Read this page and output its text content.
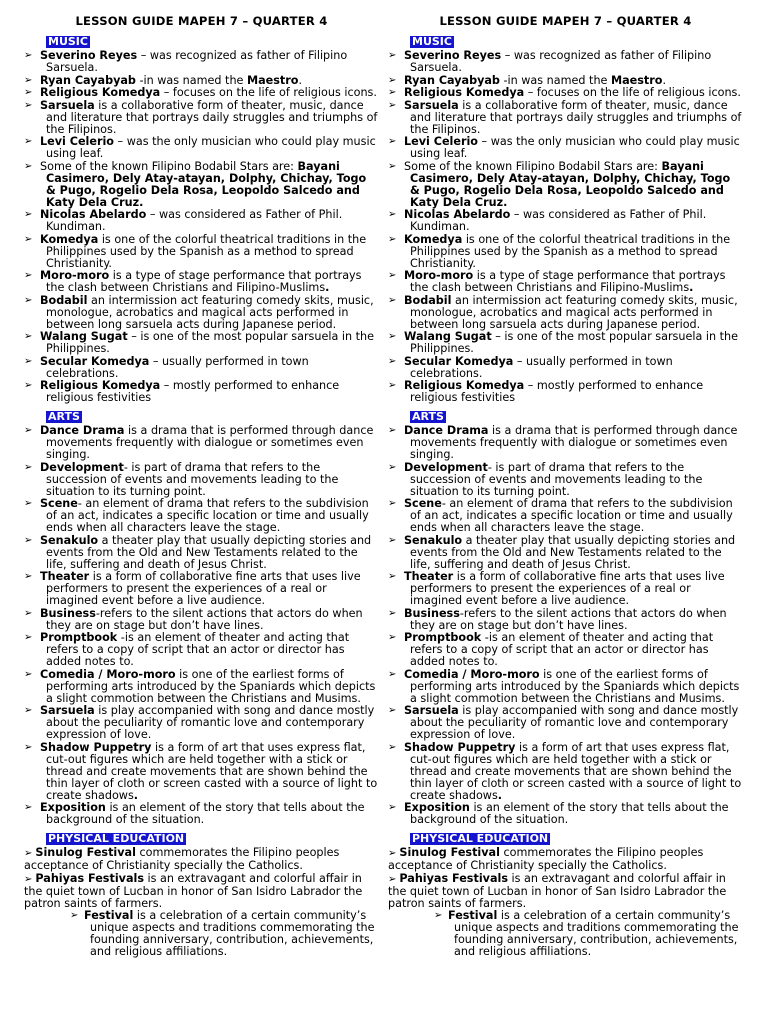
LESSON GUIDE MAPEH 7 – QUARTER 4
MUSIC
➢ Severino Reyes – was recognized as father of Filipino Sarsuela.
➢ Ryan Cayabyab -in was named the Maestro.
➢ Religious Komedya – focuses on the life of religious icons.
➢ Sarsuela is a collaborative form of theater, music, dance and literature that portrays daily struggles and triumphs of the Filipinos.
➢ Levi Celerio – was the only musician who could play music using leaf.
➢ Some of the known Filipino Bodabil Stars are: Bayani Casimero, Dely Atay-atayan, Dolphy, Chichay, Togo & Pugo, Rogelio Dela Rosa, Leopoldo Salcedo and Katy Dela Cruz.
➢ Nicolas Abelardo – was considered as Father of Phil. Kundiman.
➢ Komedya is one of the colorful theatrical traditions in the Philippines used by the Spanish as a method to spread Christianity.
➢ Moro-moro is a type of stage performance that portrays the clash between Christians and Filipino-Muslims.
➢ Bodabil an intermission act featuring comedy skits, music, monologue, acrobatics and magical acts performed in between long sarsuela acts during Japanese period.
➢ Walang Sugat – is one of the most popular sarsuela in the Philippines.
➢ Secular Komedya – usually performed in town celebrations.
➢ Religious Komedya – mostly performed to enhance religious festivities
ARTS
➢ Dance Drama is a drama that is performed through dance movements frequently with dialogue or sometimes even singing.
➢ Development- is part of drama that refers to the succession of events and movements leading to the situation to its turning point.
➢ Scene- an element of drama that refers to the subdivision of an act, indicates a specific location or time and usually ends when all characters leave the stage.
➢ Senakulo a theater play that usually depicting stories and events from the Old and New Testaments related to the life, suffering and death of Jesus Christ.
➢ Theater is a form of collaborative fine arts that uses live performers to present the experiences of a real or imagined event before a live audience.
➢ Business-refers to the silent actions that actors do when they are on stage but don’t have lines.
➢ Promptbook -is an element of theater and acting that refers to a copy of script that an actor or director has added notes to.
➢ Comedia / Moro-moro is one of the earliest forms of performing arts introduced by the Spaniards which depicts a slight commotion between the Christians and Musims.
➢ Sarsuela is play accompanied with song and dance mostly about the peculiarity of romantic love and contemporary expression of love.
➢ Shadow Puppetry is a form of art that uses express flat, cut-out figures which are held together with a stick or thread and create movements that are shown behind the thin layer of cloth or screen casted with a source of light to create shadows.
➢ Exposition is an element of the story that tells about the background of the situation.
PHYSICAL EDUCATION
➢ Sinulog Festival commemorates the Filipino peoples acceptance of Christianity specially the Catholics.
➢ Pahiyas Festivals is an extravagant and colorful affair in the quiet town of Lucban in honor of San Isidro Labrador the patron saints of farmers.
➢ Festival is a celebration of a certain community’s unique aspects and traditions commemorating the founding anniversary, contribution, achievements, and religious affiliations.
LESSON GUIDE MAPEH 7 – QUARTER 4
MUSIC
➢ Severino Reyes – was recognized as father of Filipino Sarsuela.
➢ Ryan Cayabyab -in was named the Maestro.
➢ Religious Komedya – focuses on the life of religious icons.
➢ Sarsuela is a collaborative form of theater, music, dance and literature that portrays daily struggles and triumphs of the Filipinos.
➢ Levi Celerio – was the only musician who could play music using leaf.
➢ Some of the known Filipino Bodabil Stars are: Bayani Casimero, Dely Atay-atayan, Dolphy, Chichay, Togo & Pugo, Rogelio Dela Rosa, Leopoldo Salcedo and Katy Dela Cruz.
➢ Nicolas Abelardo – was considered as Father of Phil. Kundiman.
➢ Komedya is one of the colorful theatrical traditions in the Philippines used by the Spanish as a method to spread Christianity.
➢ Moro-moro is a type of stage performance that portrays the clash between Christians and Filipino-Muslims.
➢ Bodabil an intermission act featuring comedy skits, music, monologue, acrobatics and magical acts performed in between long sarsuela acts during Japanese period.
➢ Walang Sugat – is one of the most popular sarsuela in the Philippines.
➢ Secular Komedya – usually performed in town celebrations.
➢ Religious Komedya – mostly performed to enhance religious festivities
ARTS
➢ Dance Drama is a drama that is performed through dance movements frequently with dialogue or sometimes even singing.
➢ Development- is part of drama that refers to the succession of events and movements leading to the situation to its turning point.
➢ Scene- an element of drama that refers to the subdivision of an act, indicates a specific location or time and usually ends when all characters leave the stage.
➢ Senakulo a theater play that usually depicting stories and events from the Old and New Testaments related to the life, suffering and death of Jesus Christ.
➢ Theater is a form of collaborative fine arts that uses live performers to present the experiences of a real or imagined event before a live audience.
➢ Business-refers to the silent actions that actors do when they are on stage but don’t have lines.
➢ Promptbook -is an element of theater and acting that refers to a copy of script that an actor or director has added notes to.
➢ Comedia / Moro-moro is one of the earliest forms of performing arts introduced by the Spaniards which depicts a slight commotion between the Christians and Musims.
➢ Sarsuela is play accompanied with song and dance mostly about the peculiarity of romantic love and contemporary expression of love.
➢ Shadow Puppetry is a form of art that uses express flat, cut-out figures which are held together with a stick or thread and create movements that are shown behind the thin layer of cloth or screen casted with a source of light to create shadows.
➢ Exposition is an element of the story that tells about the background of the situation.
PHYSICAL EDUCATION
➢ Sinulog Festival commemorates the Filipino peoples acceptance of Christianity specially the Catholics.
➢ Pahiyas Festivals is an extravagant and colorful affair in the quiet town of Lucban in honor of San Isidro Labrador the patron saints of farmers.
➢ Festival is a celebration of a certain community’s unique aspects and traditions commemorating the founding anniversary, contribution, achievements, and religious affiliations.
